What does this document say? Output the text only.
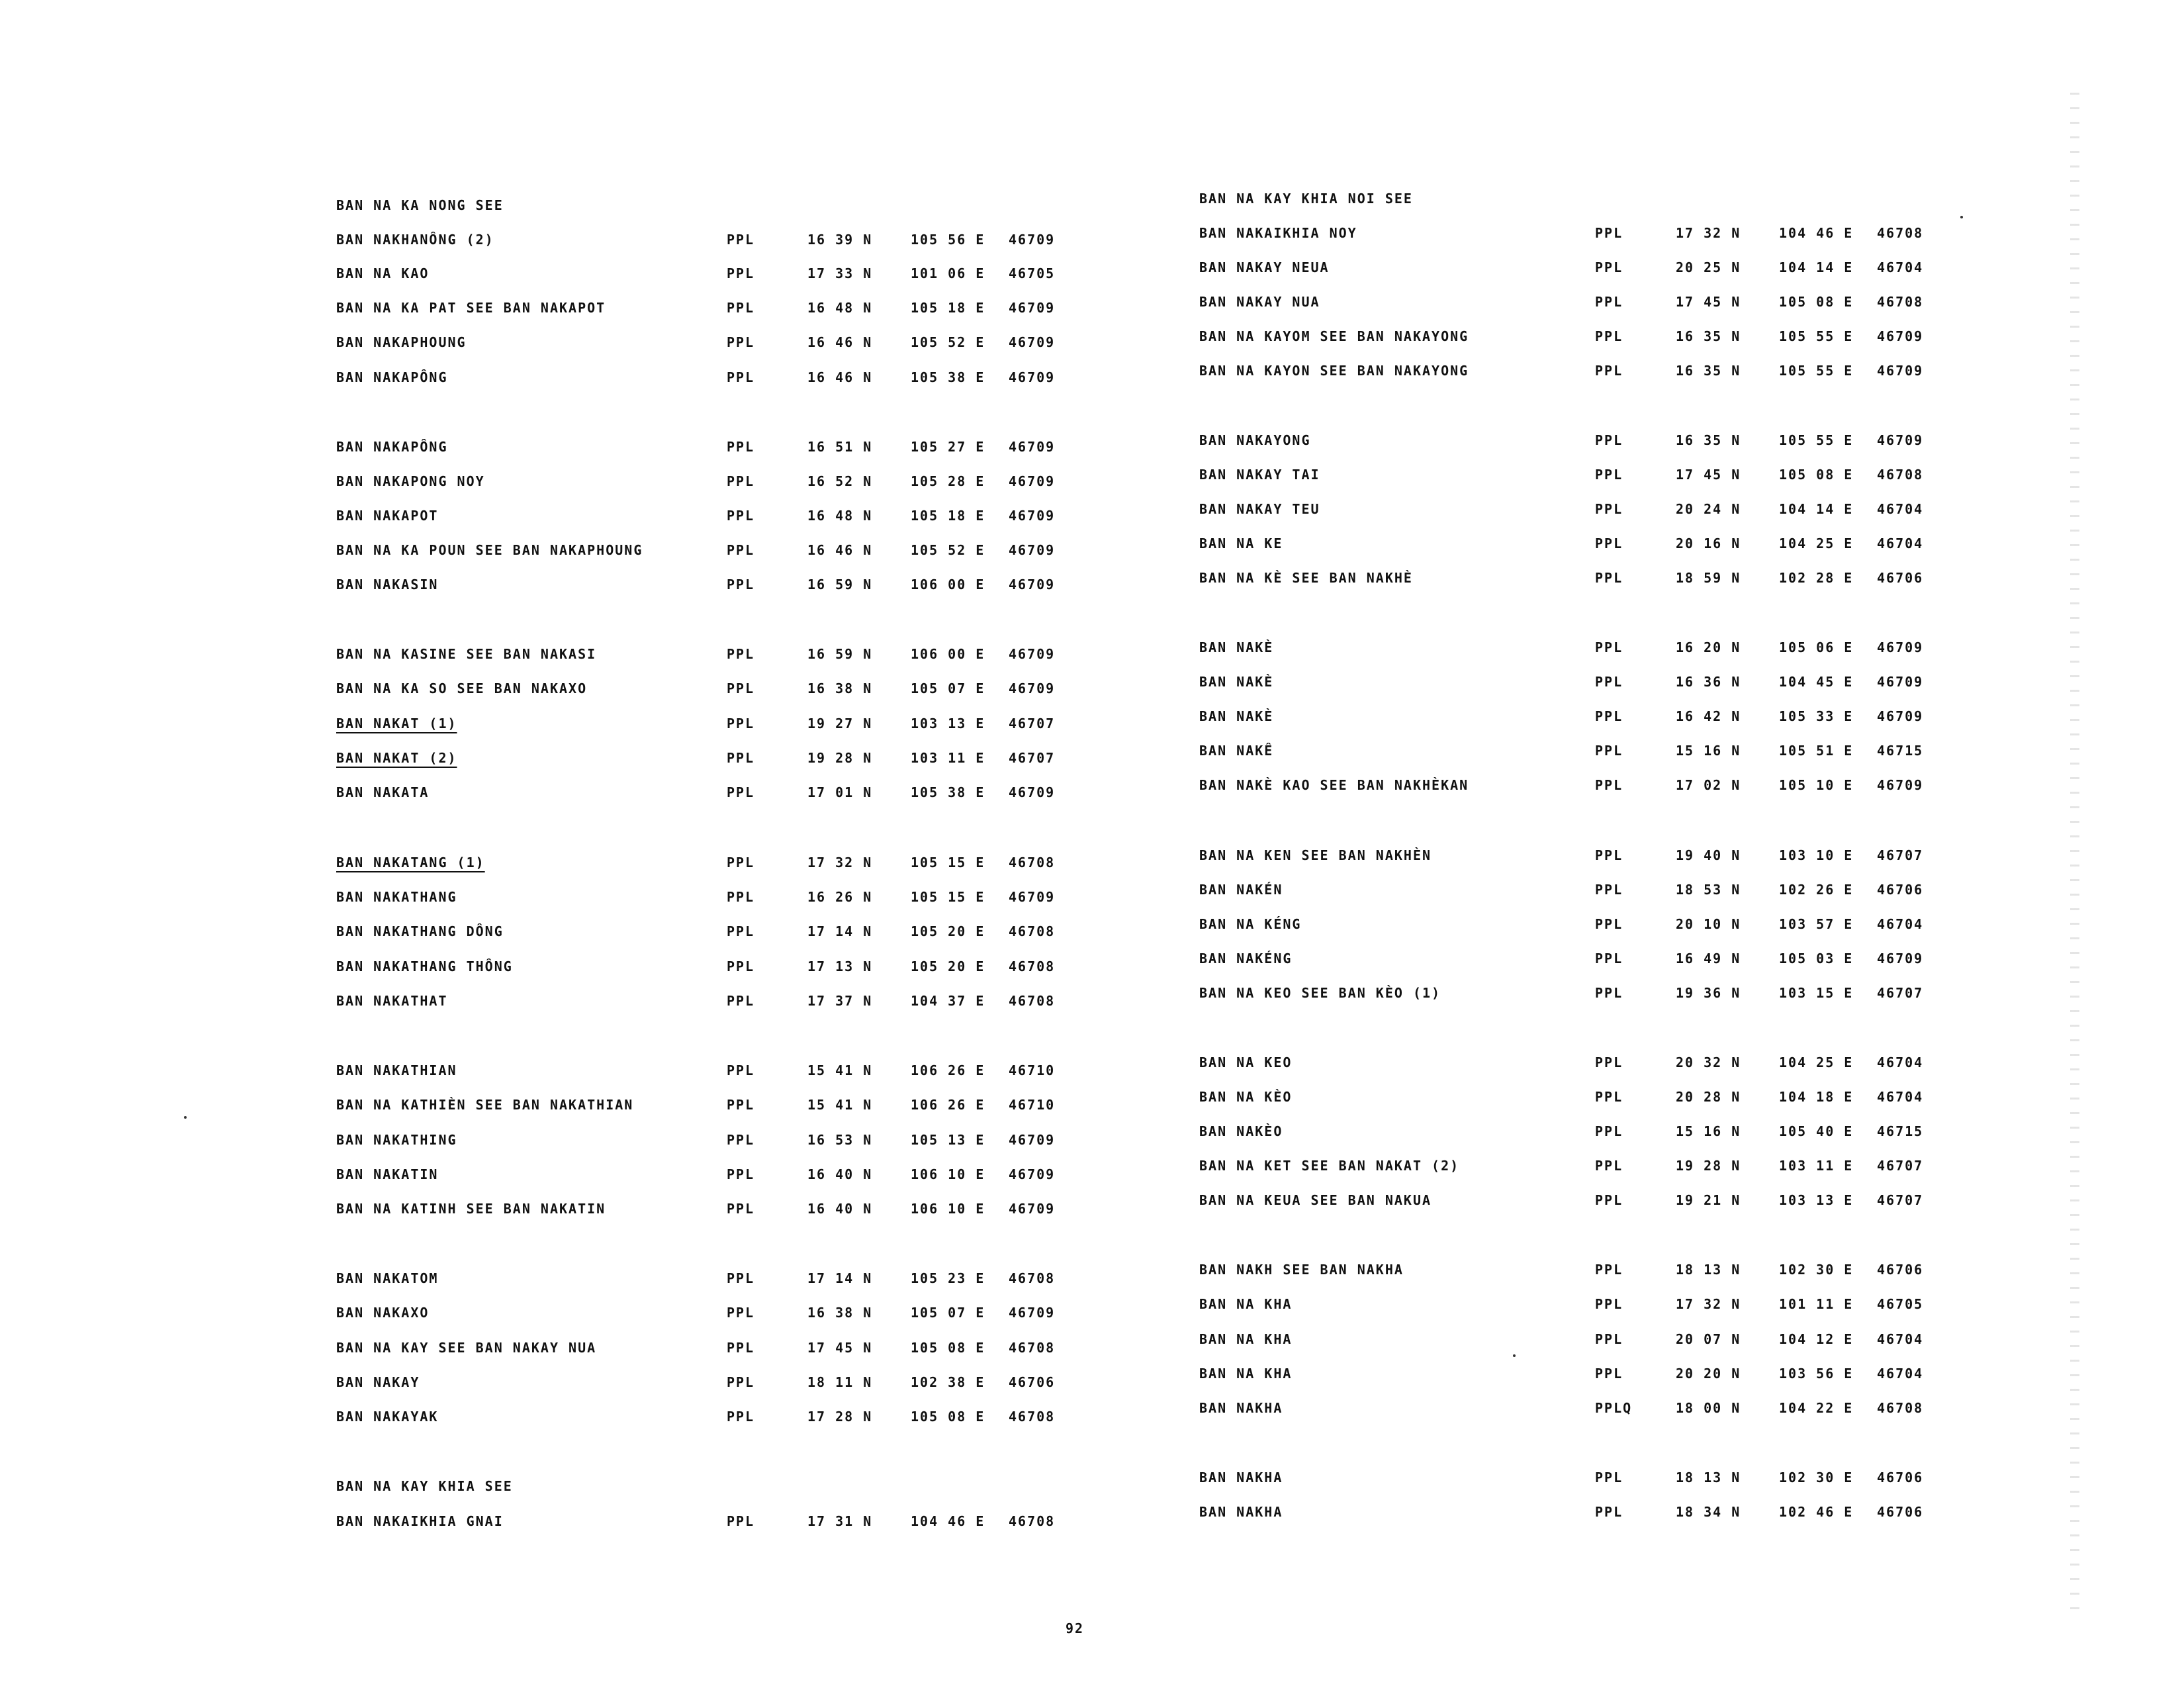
BAN NA KA NONG SEE
BAN NAKHANÔNG (2)	PPL	16 39 N	105 56 E 46709
BAN NA KAO	PPL	17 33 N	101 06 E 46705
BAN NA KA PAT SEE BAN NAKAPOT	PPL	16 48 N	105 18 E 46709
BAN NAKAPHOUNG	PPL	16 46 N	105 52 E 46709
BAN NAKAPÔNG	PPL	16 46 N	105 38 E 46709
BAN NAKAPÔNG	PPL	16 51 N	105 27 E 46709
BAN NAKAPONG NOY	PPL	16 52 N	105 28 E 46709
BAN NAKAPOT	PPL	16 48 N	105 18 E 46709
BAN NA KA POUN SEE BAN NAKAPHOUNG	PPL	16 46 N	105 52 E 46709
BAN NAKASIN	PPL	16 59 N	106 00 E 46709
BAN NA KASINE SEE BAN NAKASI	PPL	16 59 N	106 00 E 46709
BAN NA KA SO SEE BAN NAKAXO	PPL	16 38 N	105 07 E 46709
BAN NAKAT (1)	PPL	19 27 N	103 13 E 46707
BAN NAKAT (2)	PPL	19 28 N	103 11 E 46707
BAN NAKATA	PPL	17 01 N	105 38 E 46709
BAN NAKATANG (1)	PPL	17 32 N	105 15 E 46708
BAN NAKATHANG	PPL	16 26 N	105 15 E 46709
BAN NAKATHANG DÔNG	PPL	17 14 N	105 20 E 46708
BAN NAKATHANG THÔNG	PPL	17 13 N	105 20 E 46708
BAN NAKATHAT	PPL	17 37 N	104 37 E 46708
BAN NAKATHIAN	PPL	15 41 N	106 26 E 46710
BAN NA KATHIÈN SEE BAN NAKATHIAN	PPL	15 41 N	106 26 E 46710
BAN NAKATHING	PPL	16 53 N	105 13 E 46709
BAN NAKATIN	PPL	16 40 N	106 10 E 46709
BAN NA KATINH SEE BAN NAKATIN	PPL	16 40 N	106 10 E 46709
BAN NAKATOM	PPL	17 14 N	105 23 E 46708
BAN NAKAXO	PPL	16 38 N	105 07 E 46709
BAN NA KAY SEE BAN NAKAY NUA	PPL	17 45 N	105 08 E 46708
BAN NAKAY	PPL	18 11 N	102 38 E 46706
BAN NAKAYAK	PPL	17 28 N	105 08 E 46708
BAN NA KAY KHIA SEE
BAN NAKAIKHIA GNAI	PPL	17 31 N	104 46 E 46708
BAN NA KAY KHIA NOI SEE
BAN NAKAIKHIA NOY	PPL	17 32 N	104 46 E 46708
BAN NAKAY NEUA	PPL	20 25 N	104 14 E 46704
BAN NAKAY NUA	PPL	17 45 N	105 08 E 46708
BAN NA KAYOM SEE BAN NAKAYONG	PPL	16 35 N	105 55 E 46709
BAN NA KAYON SEE BAN NAKAYONG	PPL	16 35 N	105 55 E 46709
BAN NAKAYONG	PPL	16 35 N	105 55 E 46709
BAN NAKAY TAI	PPL	17 45 N	105 08 E 46708
BAN NAKAY TEU	PPL	20 24 N	104 14 E 46704
BAN NA KE	PPL	20 16 N	104 25 E 46704
BAN NA KÈ SEE BAN NAKHÈ	PPL	18 59 N	102 28 E 46706
BAN NAKÈ	PPL	16 20 N	105 06 E 46709
BAN NAKÈ	PPL	16 36 N	104 45 E 46709
BAN NAKÈ	PPL	16 42 N	105 33 E 46709
BAN NAKÊ	PPL	15 16 N	105 51 E 46715
BAN NAKÈ KAO SEE BAN NAKHÈKAN	PPL	17 02 N	105 10 E 46709
BAN NA KEN SEE BAN NAKHÈN	PPL	19 40 N	103 10 E 46707
BAN NAKÉN	PPL	18 53 N	102 26 E 46706
BAN NA KÉNG	PPL	20 10 N	103 57 E 46704
BAN NAKÉNG	PPL	16 49 N	105 03 E 46709
BAN NA KEO SEE BAN KÈO (1)	PPL	19 36 N	103 15 E 46707
BAN NA KEO	PPL	20 32 N	104 25 E 46704
BAN NA KÈO	PPL	20 28 N	104 18 E 46704
BAN NAKÈO	PPL	15 16 N	105 40 E 46715
BAN NA KET SEE BAN NAKAT (2)	PPL	19 28 N	103 11 E 46707
BAN NA KEUA SEE BAN NAKUA	PPL	19 21 N	103 13 E 46707
BAN NAKH SEE BAN NAKHA	PPL	18 13 N	102 30 E 46706
BAN NA KHA	PPL	17 32 N	101 11 E 46705
BAN NA KHA	PPL	20 07 N	104 12 E 46704
BAN NA KHA	PPL	20 20 N	103 56 E 46704
BAN NAKHA	PPLQ	18 00 N	104 22 E 46708
BAN NAKHA	PPL	18 13 N	102 30 E 46706
BAN NAKHA	PPL	18 34 N	102 46 E 46706
92
